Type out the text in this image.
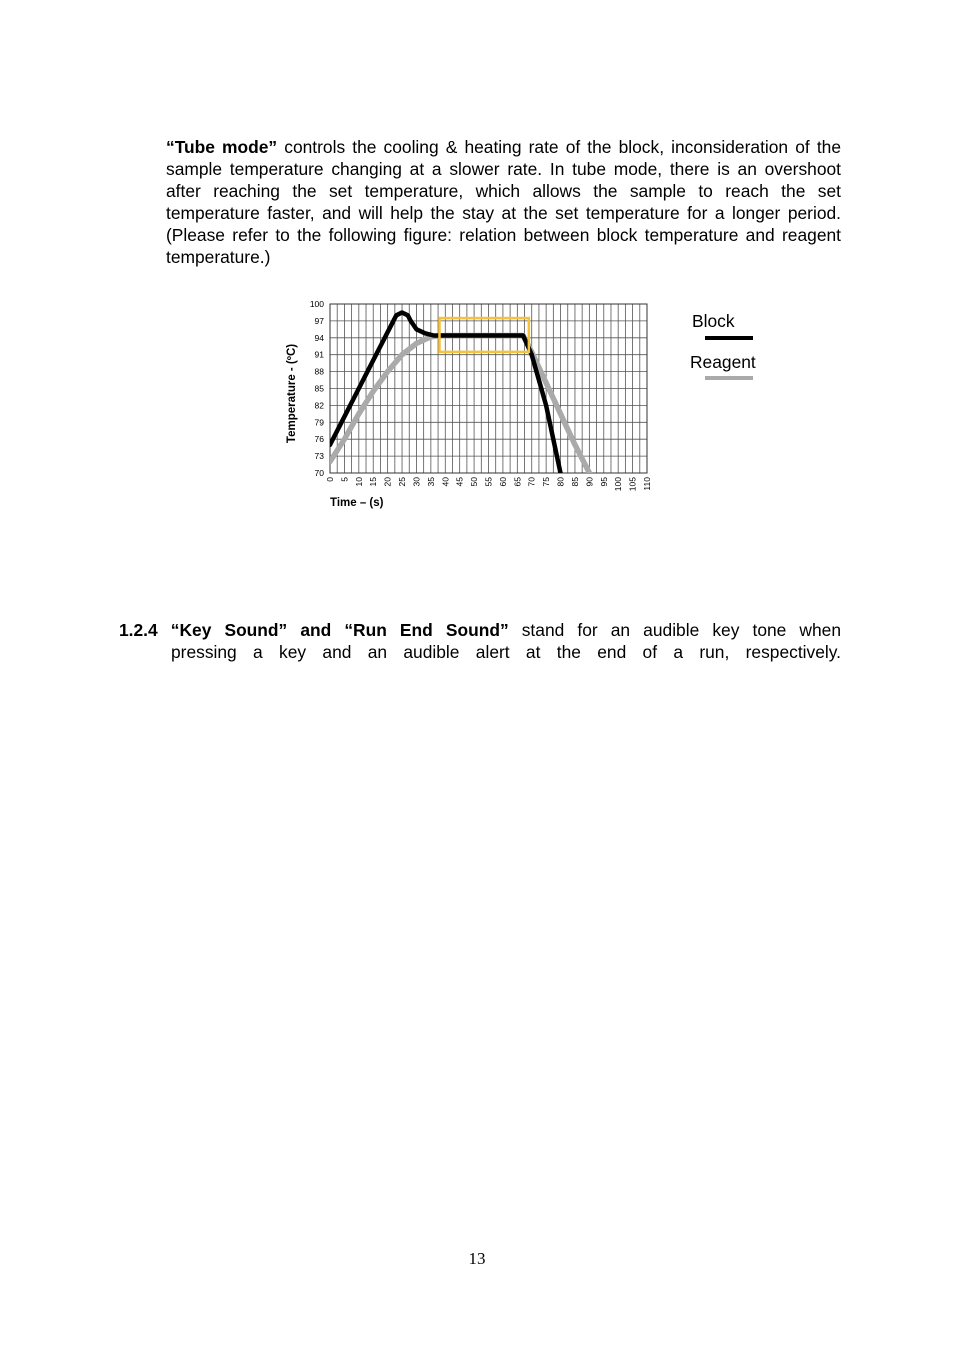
“Tube mode” controls the cooling & heating rate of the block, inconsideration of the sample temperature changing at a slower rate. In tube mode, there is an overshoot after reaching the set temperature, which allows the sample to reach the set temperature faster, and will help the stay at the set temperature for a longer period. (Please refer to the following figure: relation between block temperature and reagent temperature.)
70
73
76
79
82
85
88
91
94
97
100
0 5 10 15 20 25 30 35 40 45 50 55 60 65 70 75 80 85 90 95 100 105 110
Time – (s)
Temperature - (ºC)
Block
Reagent
1.2.4 “Key Sound” and “Run End Sound” stand for an audible key tone when
pressing a key and an audible alert at the end of a run, respectively.
13
